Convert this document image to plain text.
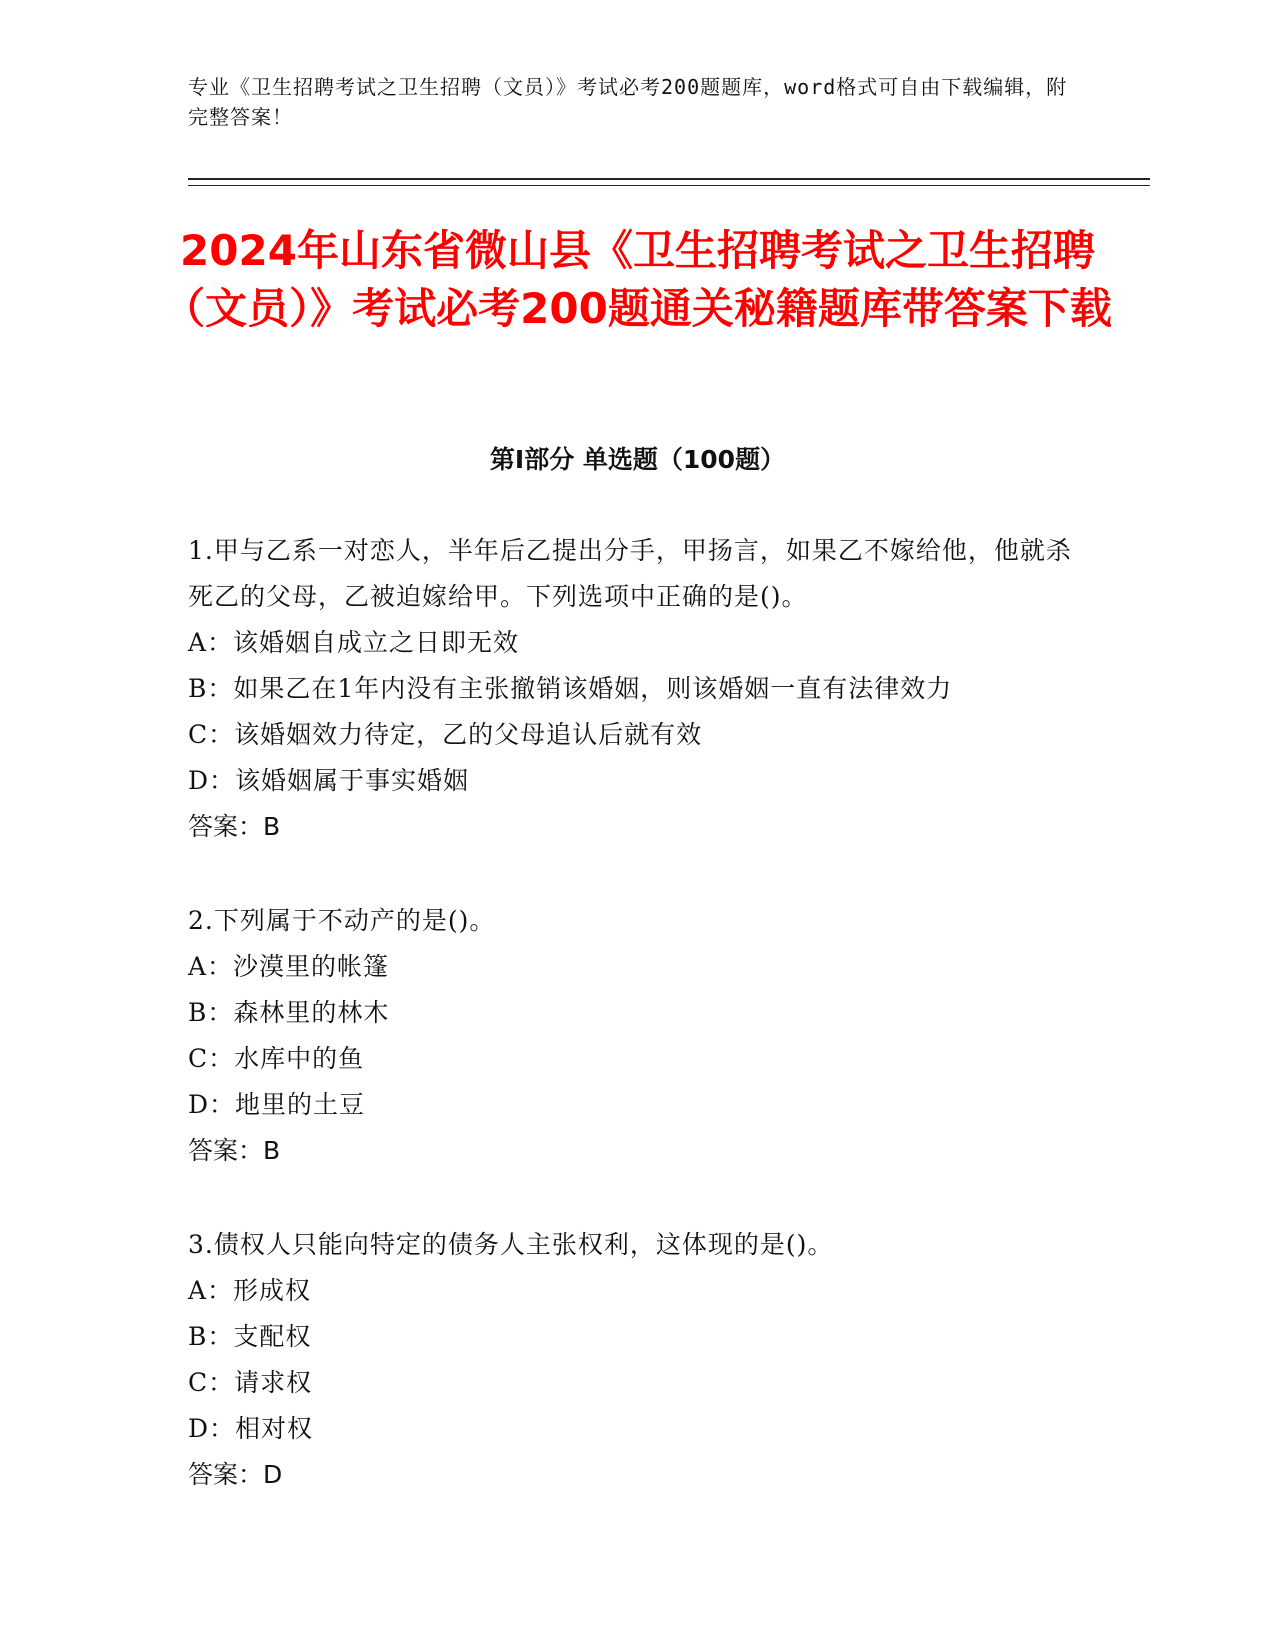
专业《卫生招聘考试之卫生招聘（文员）》考试必考200题题库，word格式可自由下载编辑，附完整答案！
2024年山东省微山县《卫生招聘考试之卫生招聘（文员）》考试必考200题通关秘籍题库带答案下载
第Ⅰ部分 单选题（100题）
1.甲与乙系一对恋人，半年后乙提出分手，甲扬言，如果乙不嫁给他，他就杀死乙的父母，乙被迫嫁给甲。下列选项中正确的是()。
A：该婚姻自成立之日即无效
B：如果乙在1年内没有主张撤销该婚姻，则该婚姻一直有法律效力
C：该婚姻效力待定，乙的父母追认后就有效
D：该婚姻属于事实婚姻
答案：B
2.下列属于不动产的是()。
A：沙漠里的帐篷
B：森林里的林木
C：水库中的鱼
D：地里的土豆
答案：B
3.债权人只能向特定的债务人主张权利，这体现的是()。
A：形成权
B：支配权
C：请求权
D：相对权
答案：D
